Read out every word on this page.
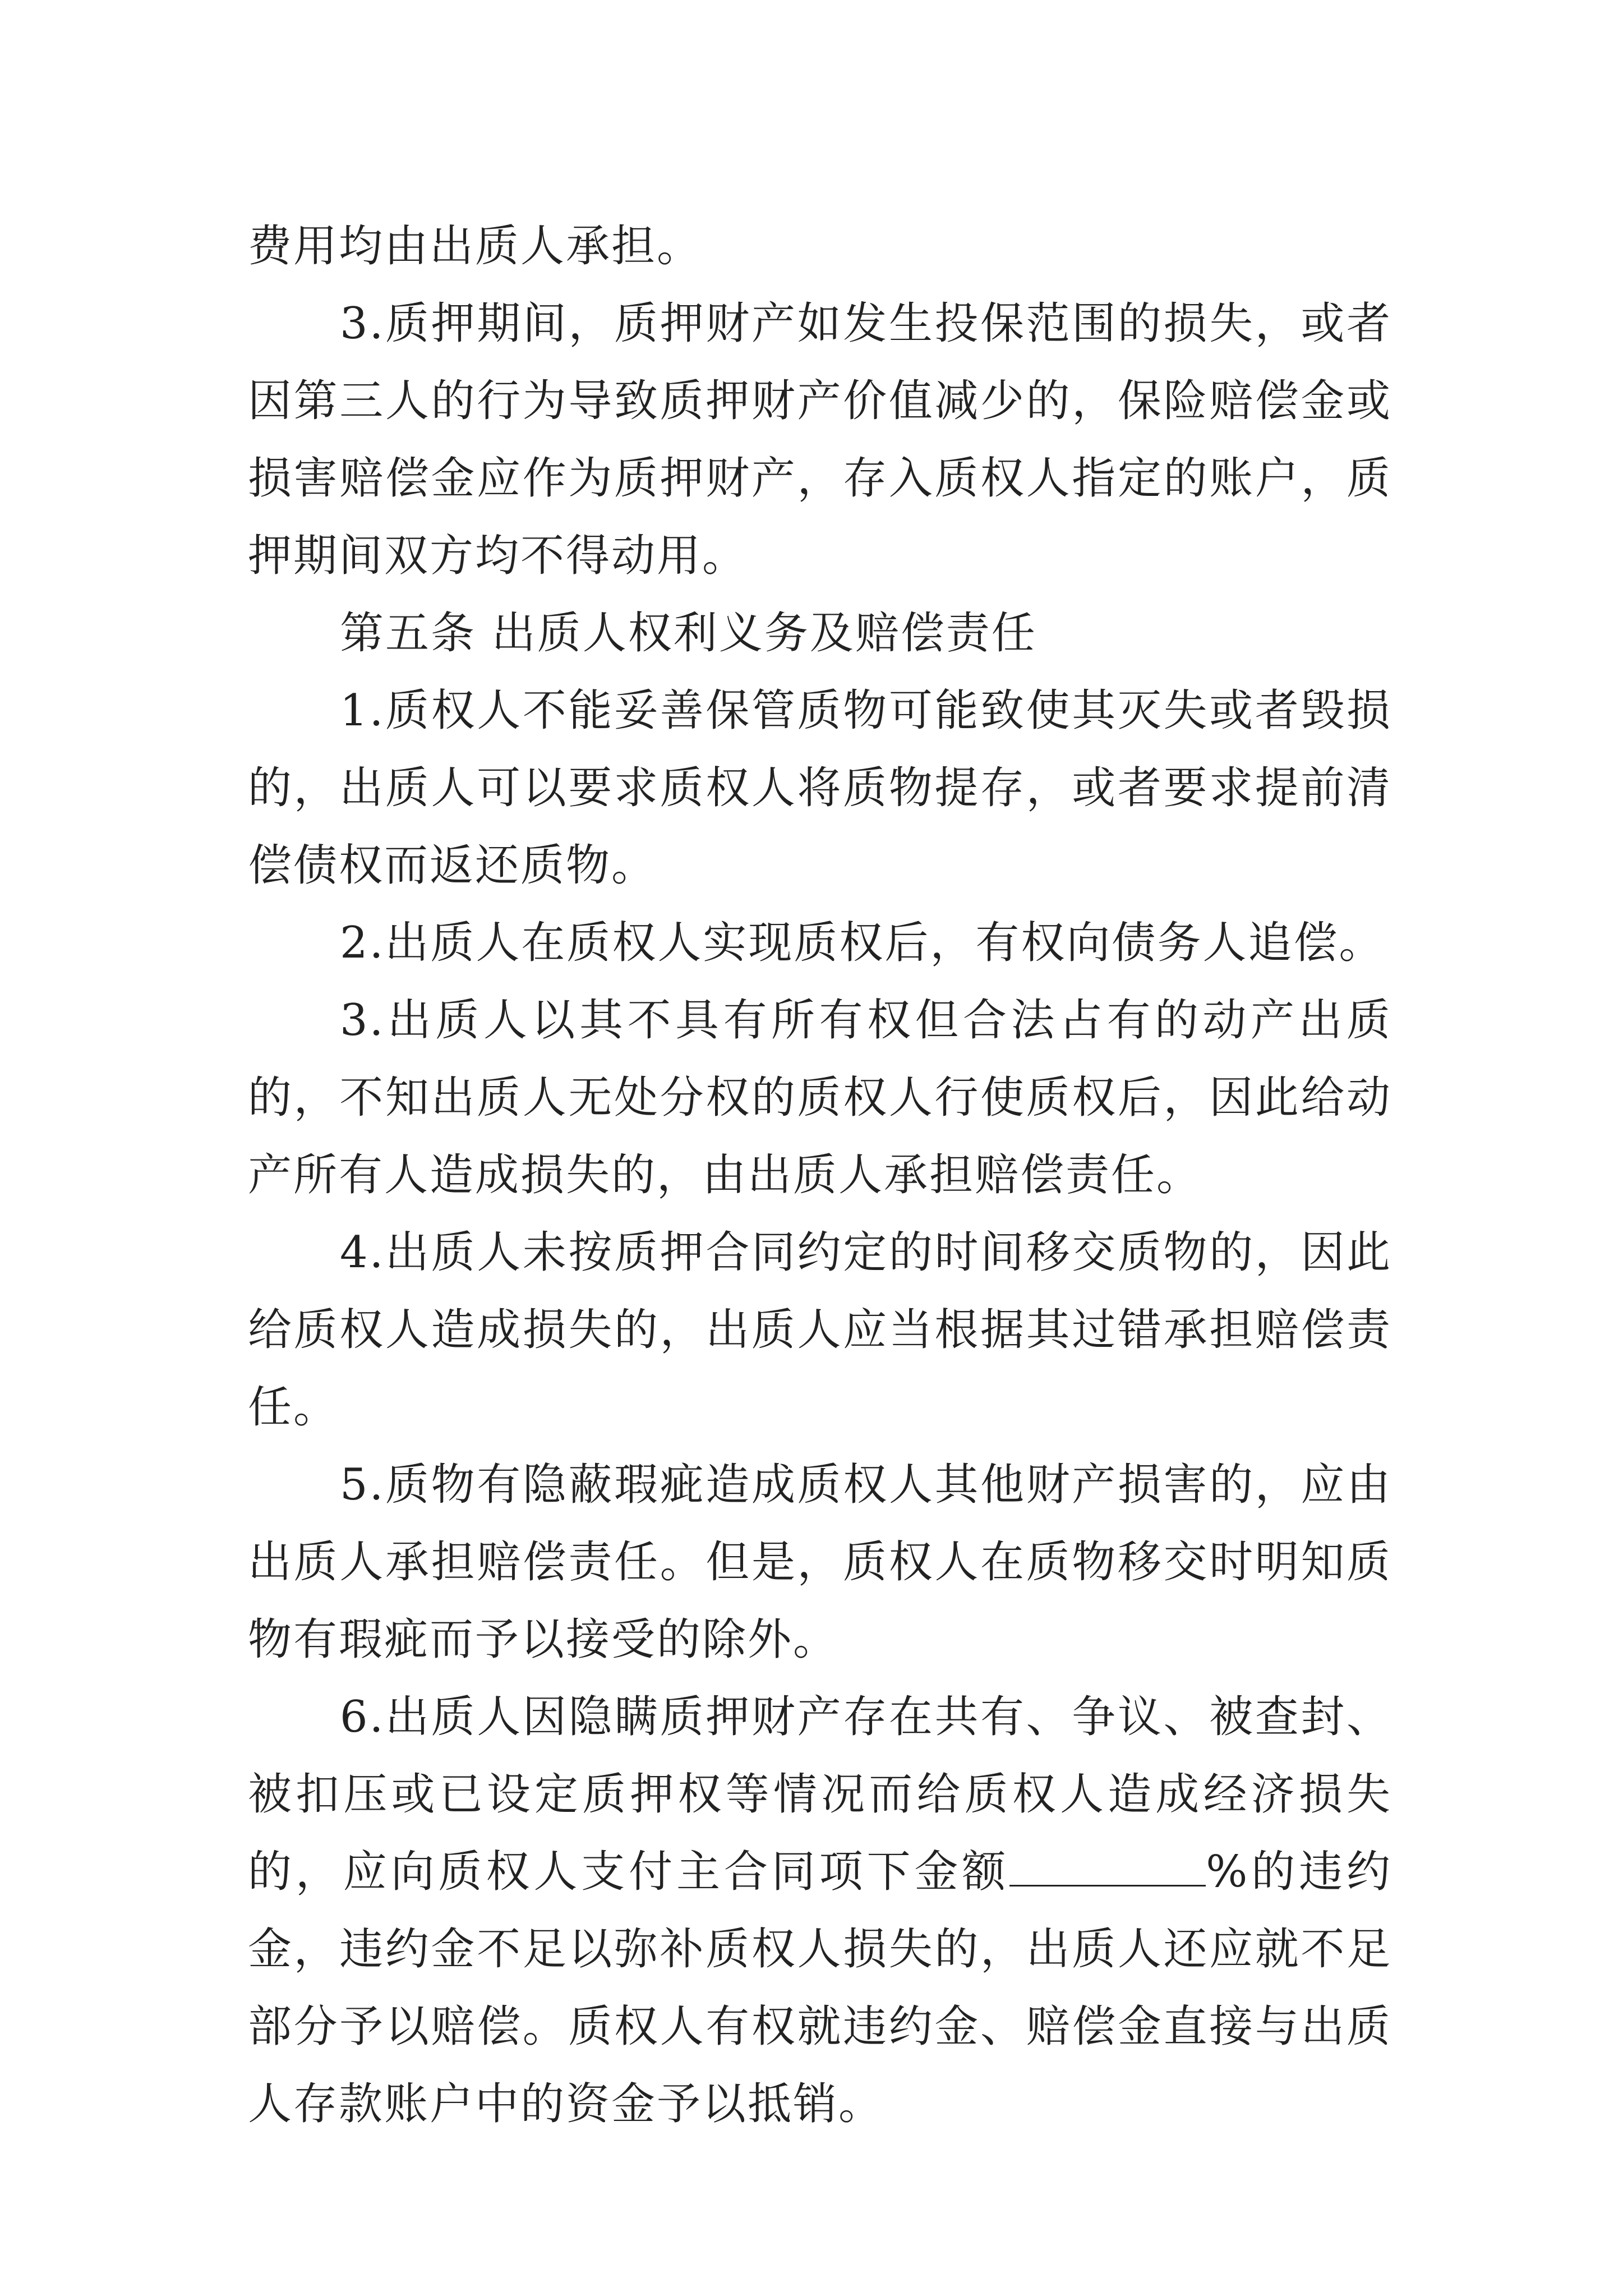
费用均由出质人承担。

3.质押期间，质押财产如发生投保范围的损失，或者因第三人的行为导致质押财产价值减少的，保险赔偿金或损害赔偿金应作为质押财产，存入质权人指定的账户，质押期间双方均不得动用。

第五条 出质人权利义务及赔偿责任

1.质权人不能妥善保管质物可能致使其灭失或者毁损的，出质人可以要求质权人将质物提存，或者要求提前清偿债权而返还质物。

2.出质人在质权人实现质权后，有权向债务人追偿。

3.出质人以其不具有所有权但合法占有的动产出质的，不知出质人无处分权的质权人行使质权后，因此给动产所有人造成损失的，由出质人承担赔偿责任。

4.出质人未按质押合同约定的时间移交质物的，因此给质权人造成损失的，出质人应当根据其过错承担赔偿责任。

5.质物有隐蔽瑕疵造成质权人其他财产损害的，应由出质人承担赔偿责任。但是，质权人在质物移交时明知质物有瑕疵而予以接受的除外。

6.出质人因隐瞒质押财产存在共有、争议、被查封、被扣压或已设定质押权等情况而给质权人造成经济损失的，应向质权人支付主合同项下金额	%的违约金，违约金不足以弥补质权人损失的，出质人还应就不足部分予以赔偿。质权人有权就违约金、赔偿金直接与出质人存款账户中的资金予以抵销。
